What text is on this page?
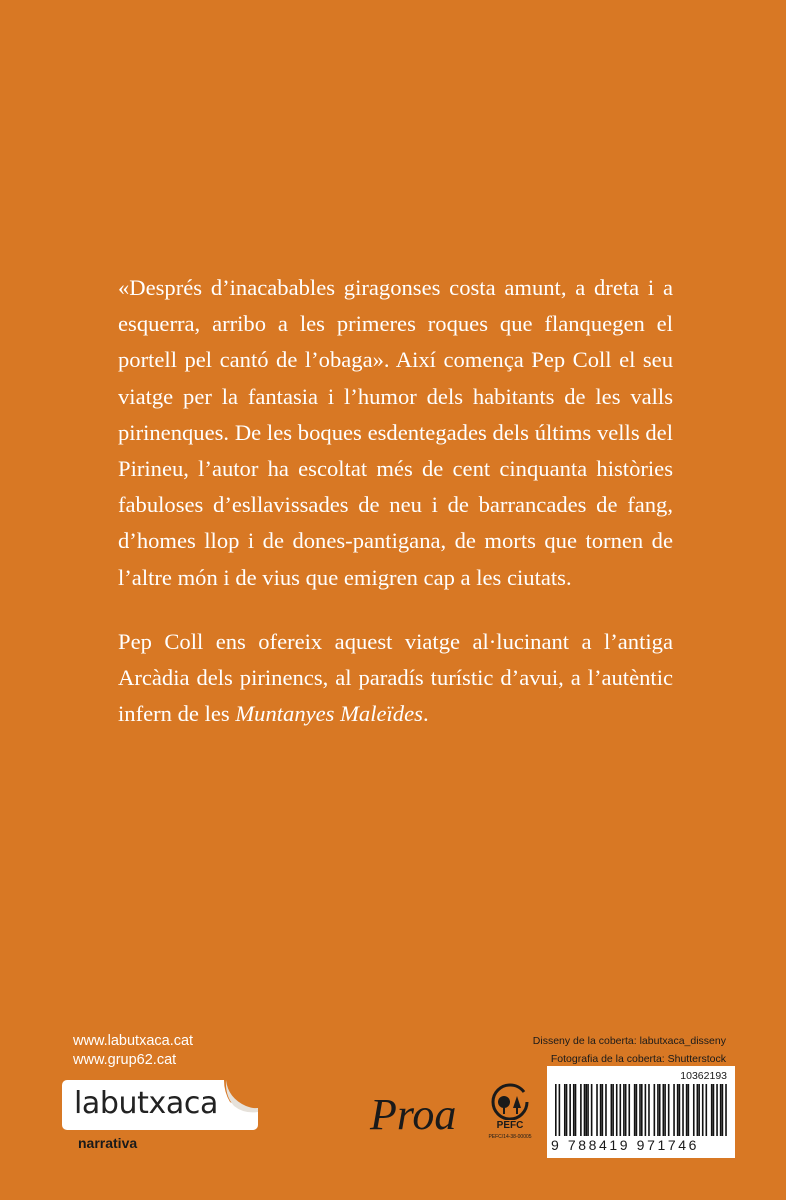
«Després d’inacabables giragonses costa amunt, a dreta i a esquerra, arribo a les primeres roques que flanquegen el portell pel cantó de l’obaga». Així comença Pep Coll el seu viatge per la fantasia i l’humor dels habitants de les valls pirinenques. De les boques esdentegades dels últims vells del Pirineu, l’autor ha escoltat més de cent cinquanta històries fabuloses d’esllavissades de neu i de barrancades de fang, d’homes llop i de dones-pantigana, de morts que tornen de l’altre món i de vius que emigren cap a les ciutats.

Pep Coll ens ofereix aquest viatge al·lucinant a l’antiga Arcàdia dels pirinencs, al paradís turístic d’avui, a l’autèntic infern de les Muntanyes Maleïdes.

www.labutxaca.cat
www.grup62.cat
labutxaca
narrativa
Proa	PEFC
PEFC/14-38-00005
Disseny de la coberta: labutxaca_disseny
Fotografia de la coberta: Shutterstock
10362193
9 788419 971746
